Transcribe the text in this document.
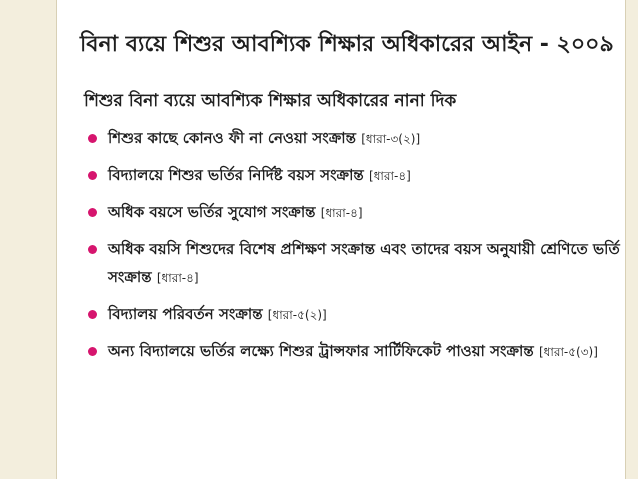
বিনা ব্যয়ে শিশুর আবশ্যিক শিক্ষার অধিকারের আইন - ২০০৯
শিশুর বিনা ব্যয়ে আবশ্যিক শিক্ষার অধিকারের নানা দিক
শিশুর কাছে কোনও ফী না নেওয়া সংক্রান্ত [ধারা-৩(২)]
বিদ্যালয়ে শিশুর ভর্তির নির্দিষ্ট বয়স সংক্রান্ত [ধারা-৪]
অধিক বয়সে ভর্তির সুযোগ সংক্রান্ত [ধারা-৪]
অধিক বয়সি শিশুদের বিশেষ প্রশিক্ষণ সংক্রান্ত এবং তাদের বয়স অনুযায়ী শ্রেণিতে ভর্তি সংক্রান্ত [ধারা-৪]
বিদ্যালয় পরিবর্তন সংক্রান্ত [ধারা-৫(২)]
অন্য বিদ্যালয়ে ভর্তির লক্ষ্যে শিশুর ট্রান্সফার সার্টিফিকেট পাওয়া সংক্রান্ত [ধারা-৫(৩)]
